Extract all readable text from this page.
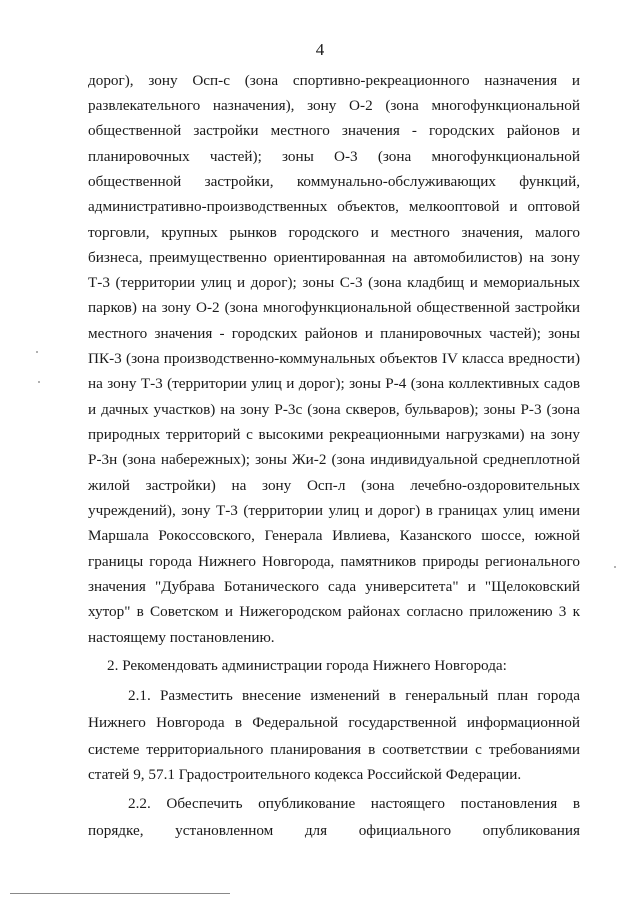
4
дорог), зону Осп-с (зона спортивно-рекреационного назначения и
развлекательного назначения), зону О-2 (зона многофункциональной
общественной застройки местного значения - городских районов и
планировочных частей); зоны О-3 (зона многофункциональной
общественной застройки, коммунально-обслуживающих функций,
административно-производственных объектов, мелкооптовой и оптовой
торговли, крупных рынков городского и местного значения, малого
бизнеса, преимущественно ориентированная на автомобилистов) на зону
Т-3 (территории улиц и дорог); зоны С-3 (зона кладбищ и мемориальных
парков) на зону О-2 (зона многофункциональной общественной застройки
местного значения - городских районов и планировочных частей); зоны
ПК-3 (зона производственно-коммунальных объектов IV класса вредности)
на зону Т-3 (территории улиц и дорог); зоны Р-4 (зона коллективных садов
и дачных участков) на зону Р-3с (зона скверов, бульваров); зоны Р-3 (зона
природных территорий с высокими рекреационными нагрузками) на зону
Р-3н (зона набережных); зоны Жи-2 (зона индивидуальной среднеплотной
жилой застройки) на зону Осп-л (зона лечебно-оздоровительных
учреждений), зону Т-3 (территории улиц и дорог) в границах улиц имени
Маршала Рокоссовского, Генерала Ивлиева, Казанского шоссе, южной
границы города Нижнего Новгорода, памятников природы регионального
значения "Дубрава Ботанического сада университета" и "Щелоковский
хутор" в Советском и Нижегородском районах согласно приложению 3 к
настоящему постановлению.
2. Рекомендовать администрации города Нижнего Новгорода:
2.1. Разместить внесение изменений в генеральный план города
Нижнего Новгорода в Федеральной государственной информационной
системе территориального планирования в соответствии с требованиями
статей 9, 57.1 Градостроительного кодекса Российской Федерации.
2.2. Обеспечить опубликование настоящего постановления в
порядке, установленном для официального опубликования
